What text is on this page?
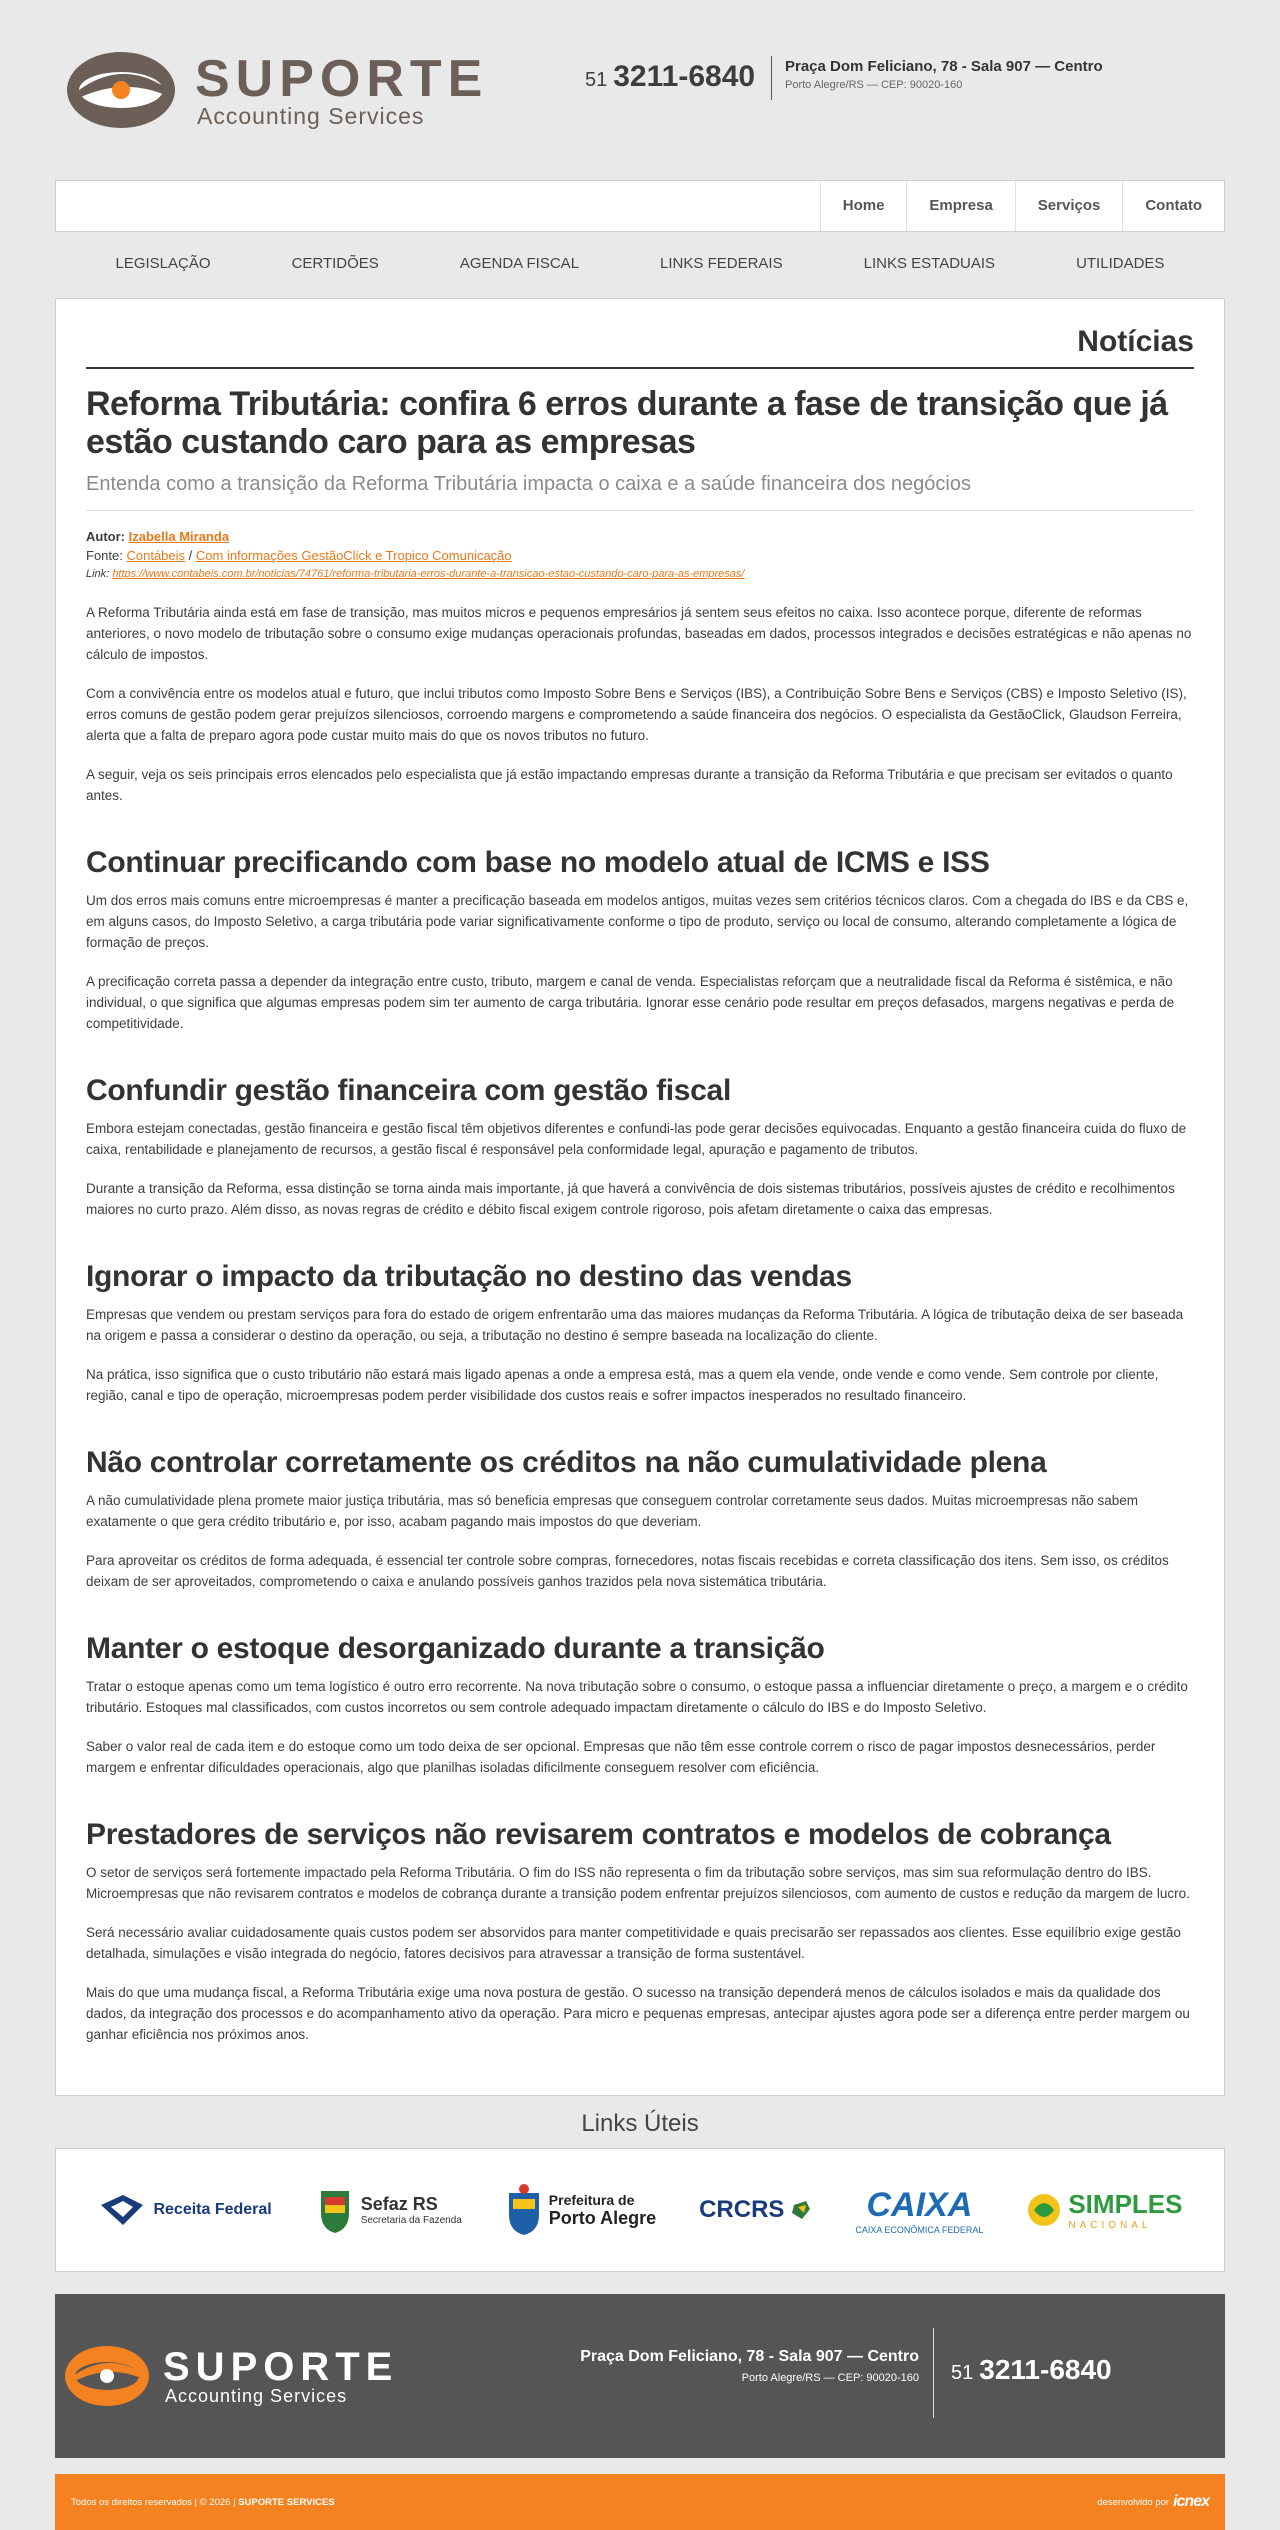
SUPORTE
Accounting Services
51 3211-6840 Praça Dom Feliciano, 78 - Sala 907 — Centro
Porto Alegre/RS — CEP: 90020-160
Home	Empresa	Serviços	Contato
LEGISLAÇÃO	CERTIDÕES	AGENDA FISCAL	LINKS FEDERAIS	LINKS ESTADUAIS	UTILIDADES
Notícias
Reforma Tributária: confira 6 erros durante a fase de transição que já estão custando caro para as empresas
Entenda como a transição da Reforma Tributária impacta o caixa e a saúde financeira dos negócios
Autor: Izabella Miranda
Fonte: Contábeis / Com informações GestãoClick e Tropico Comunicação
Link: https://www.contabeis.com.br/noticias/74761/reforma-tributaria-erros-durante-a-transicao-estao-custando-caro-para-as-empresas/

A Reforma Tributária ainda está em fase de transição, mas muitos micros e pequenos empresários já sentem seus efeitos no caixa. Isso acontece porque, diferente de reformas anteriores, o novo modelo de tributação sobre o consumo exige mudanças operacionais profundas, baseadas em dados, processos integrados e decisões estratégicas e não apenas no cálculo de impostos.

Com a convivência entre os modelos atual e futuro, que inclui tributos como Imposto Sobre Bens e Serviços (IBS), a Contribuição Sobre Bens e Serviços (CBS) e Imposto Seletivo (IS), erros comuns de gestão podem gerar prejuízos silenciosos, corroendo margens e comprometendo a saúde financeira dos negócios. O especialista da GestãoClick, Glaudson Ferreira, alerta que a falta de preparo agora pode custar muito mais do que os novos tributos no futuro.

A seguir, veja os seis principais erros elencados pelo especialista que já estão impactando empresas durante a transição da Reforma Tributária e que precisam ser evitados o quanto antes.

Continuar precificando com base no modelo atual de ICMS e ISS

Um dos erros mais comuns entre microempresas é manter a precificação baseada em modelos antigos, muitas vezes sem critérios técnicos claros. Com a chegada do IBS e da CBS e, em alguns casos, do Imposto Seletivo, a carga tributária pode variar significativamente conforme o tipo de produto, serviço ou local de consumo, alterando completamente a lógica de formação de preços.

A precificação correta passa a depender da integração entre custo, tributo, margem e canal de venda. Especialistas reforçam que a neutralidade fiscal da Reforma é sistêmica, e não individual, o que significa que algumas empresas podem sim ter aumento de carga tributária. Ignorar esse cenário pode resultar em preços defasados, margens negativas e perda de competitividade.

Confundir gestão financeira com gestão fiscal

Embora estejam conectadas, gestão financeira e gestão fiscal têm objetivos diferentes e confundi-las pode gerar decisões equivocadas. Enquanto a gestão financeira cuida do fluxo de caixa, rentabilidade e planejamento de recursos, a gestão fiscal é responsável pela conformidade legal, apuração e pagamento de tributos.

Durante a transição da Reforma, essa distinção se torna ainda mais importante, já que haverá a convivência de dois sistemas tributários, possíveis ajustes de crédito e recolhimentos maiores no curto prazo. Além disso, as novas regras de crédito e débito fiscal exigem controle rigoroso, pois afetam diretamente o caixa das empresas.

Ignorar o impacto da tributação no destino das vendas

Empresas que vendem ou prestam serviços para fora do estado de origem enfrentarão uma das maiores mudanças da Reforma Tributária. A lógica de tributação deixa de ser baseada na origem e passa a considerar o destino da operação, ou seja, a tributação no destino é sempre baseada na localização do cliente.

Na prática, isso significa que o custo tributário não estará mais ligado apenas a onde a empresa está, mas a quem ela vende, onde vende e como vende. Sem controle por cliente, região, canal e tipo de operação, microempresas podem perder visibilidade dos custos reais e sofrer impactos inesperados no resultado financeiro.

Não controlar corretamente os créditos na não cumulatividade plena

A não cumulatividade plena promete maior justiça tributária, mas só beneficia empresas que conseguem controlar corretamente seus dados. Muitas microempresas não sabem exatamente o que gera crédito tributário e, por isso, acabam pagando mais impostos do que deveriam.

Para aproveitar os créditos de forma adequada, é essencial ter controle sobre compras, fornecedores, notas fiscais recebidas e correta classificação dos itens. Sem isso, os créditos deixam de ser aproveitados, comprometendo o caixa e anulando possíveis ganhos trazidos pela nova sistemática tributária.

Manter o estoque desorganizado durante a transição

Tratar o estoque apenas como um tema logístico é outro erro recorrente. Na nova tributação sobre o consumo, o estoque passa a influenciar diretamente o preço, a margem e o crédito tributário. Estoques mal classificados, com custos incorretos ou sem controle adequado impactam diretamente o cálculo do IBS e do Imposto Seletivo.

Saber o valor real de cada item e do estoque como um todo deixa de ser opcional. Empresas que não têm esse controle correm o risco de pagar impostos desnecessários, perder margem e enfrentar dificuldades operacionais, algo que planilhas isoladas dificilmente conseguem resolver com eficiência.

Prestadores de serviços não revisarem contratos e modelos de cobrança

O setor de serviços será fortemente impactado pela Reforma Tributária. O fim do ISS não representa o fim da tributação sobre serviços, mas sim sua reformulação dentro do IBS. Microempresas que não revisarem contratos e modelos de cobrança durante a transição podem enfrentar prejuízos silenciosos, com aumento de custos e redução da margem de lucro.

Será necessário avaliar cuidadosamente quais custos podem ser absorvidos para manter competitividade e quais precisarão ser repassados aos clientes. Esse equilíbrio exige gestão detalhada, simulações e visão integrada do negócio, fatores decisivos para atravessar a transição de forma sustentável.

Mais do que uma mudança fiscal, a Reforma Tributária exige uma nova postura de gestão. O sucesso na transição dependerá menos de cálculos isolados e mais da qualidade dos dados, da integração dos processos e do acompanhamento ativo da operação. Para micro e pequenas empresas, antecipar ajustes agora pode ser a diferença entre perder margem ou ganhar eficiência nos próximos anos.

Links Úteis
Receita Federal	Sefaz RS
Secretaria da Fazenda
Prefeitura de
Porto Alegre CRCRS CAIXA
CAIXA ECONÔMICA FEDERAL
SIMPLES
NACIONAL
SUPORTE
Accounting Services
Praça Dom Feliciano, 78 - Sala 907 — Centro
Porto Alegre/RS — CEP: 90020-160 51 3211-6840
Todos os direitos reservados | © 2026 | SUPORTE SERVICES	desenvolvido por icnex
